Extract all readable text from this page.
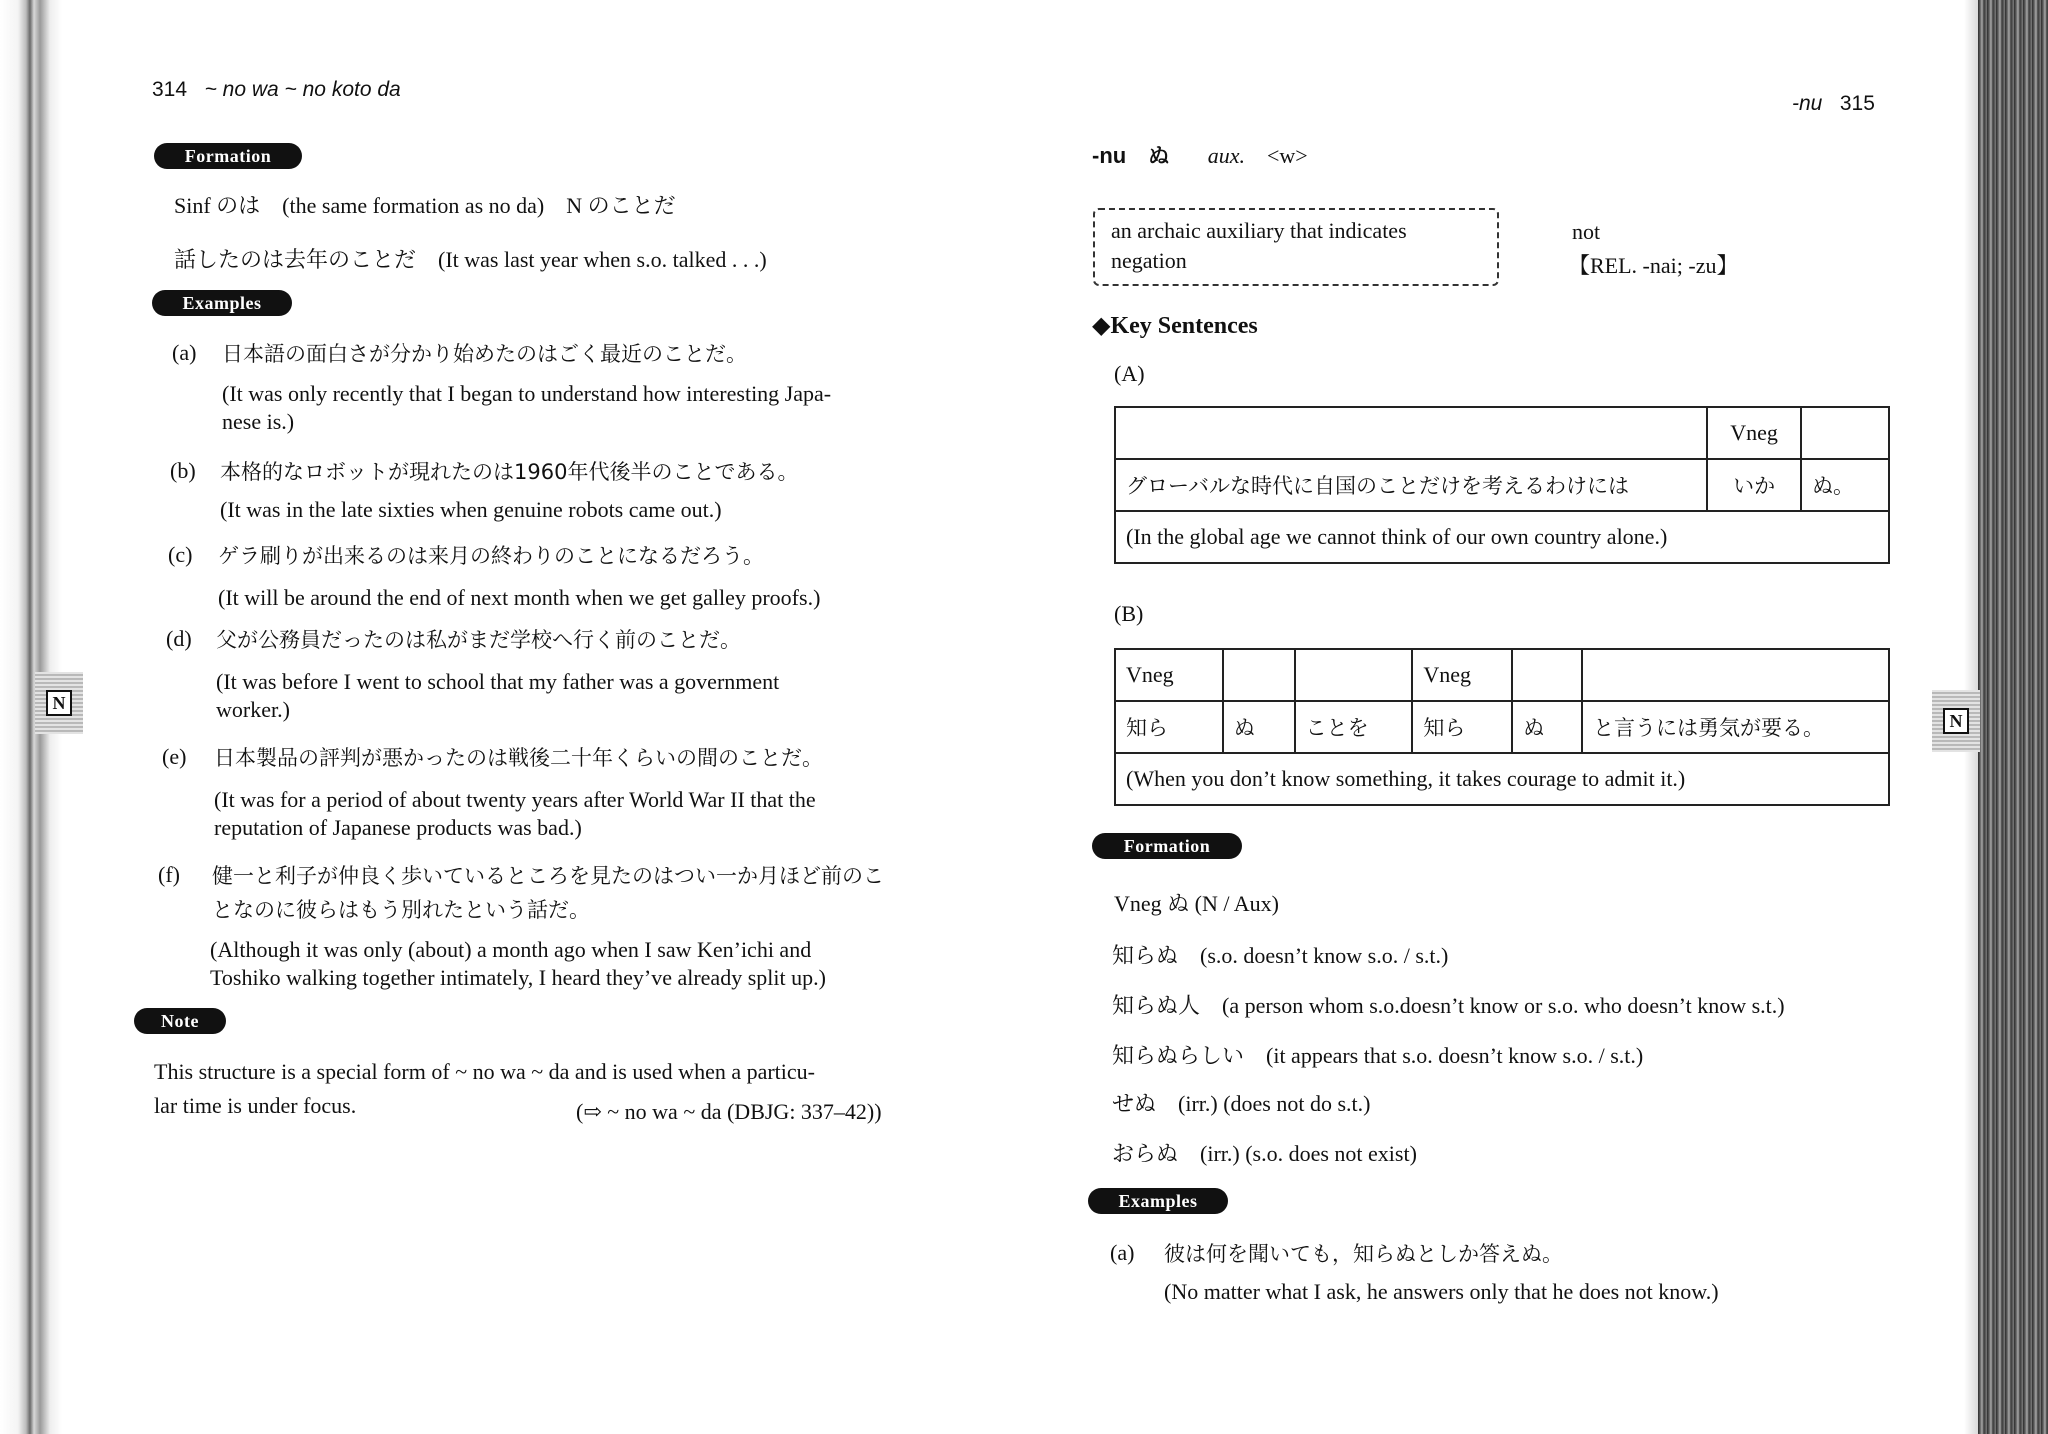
N
N
314 ~ no wa ~ no koto da
Formation
Sinf のは　(the same formation as no da)　N のことだ
話したのは去年のことだ　(It was last year when s.o. talked . . .)
Examples
(a) 日本語の面白さが分かり始めたのはごく最近のことだ。
(It was only recently that I began to understand how interesting Japa-
nese is.)
(b) 本格的なロボットが現れたのは1960年代後半のことである。
(It was in the late sixties when genuine robots came out.)
(c) ゲラ刷りが出来るのは来月の終わりのことになるだろう。
(It will be around the end of next month when we get galley proofs.)
(d) 父が公務員だったのは私がまだ学校へ行く前のことだ。
(It was before I went to school that my father was a government
worker.)
(e) 日本製品の評判が悪かったのは戦後二十年くらいの間のことだ。
(It was for a period of about twenty years after World War II that the
reputation of Japanese products was bad.)
(f) 健一と利子が仲良く歩いているところを見たのはつい一か月ほど前のこ
となのに彼らはもう別れたという話だ。
(Although it was only (about) a month ago when I saw Ken’ichi and
Toshiko walking together intimately, I heard they’ve already split up.)
Note
This structure is a special form of ~ no wa ~ da and is used when a particu-
lar time is under focus.	(⇨ ~ no wa ~ da (DBJG: 337–42))
-nu 315
-nu ぬ aux. <w>
an archaic auxiliary that indicates
negation
not
【REL. -nai; -zu】
◆Key Sentences
(A)
	Vneg	
グローバルな時代に自国のことだけを考えるわけには	いか	ぬ。
(In the global age we cannot think of our own country alone.)		
(B)
Vneg			Vneg		
知ら	ぬ	ことを	知ら	ぬ	と言うには勇気が要る。
(When you don’t know something, it takes courage to admit it.)					
Formation
Vneg ぬ (N / Aux)
知らぬ　(s.o. doesn’t know s.o. / s.t.)
知らぬ人　(a person whom s.o.doesn’t know or s.o. who doesn’t know s.t.)
知らぬらしい　(it appears that s.o. doesn’t know s.o. / s.t.)
せぬ　(irr.) (does not do s.t.)
おらぬ　(irr.) (s.o. does not exist)
Examples
(a) 彼は何を聞いても，知らぬとしか答えぬ。
(No matter what I ask, he answers only that he does not know.)
